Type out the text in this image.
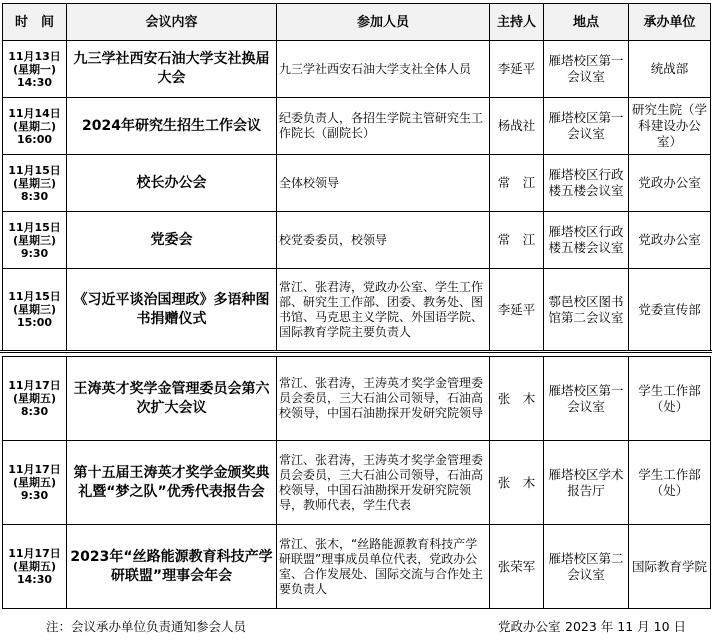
时　间	会议内容	参加人员	主持人	地点	承办单位

11月13日
(星期一)
14:30	九三学社西安石油大学支社换届大会	九三学社西安石油大学支社全体人员	李延平	雁塔校区第一会议室	统战部

11月14日
(星期二)
16:00	2024年研究生招生工作会议	纪委负责人，各招生学院主管研究生工作院长（副院长）	杨战社	雁塔校区第一会议室	研究生院（学科建设办公室）

11月15日
(星期三)
8:30	校长办公会	全体校领导	常　江	雁塔校区行政楼五楼会议室	党政办公室

11月15日
(星期三)
9:30	党委会	校党委委员，校领导	常　江	雁塔校区行政楼五楼会议室	党政办公室

11月15日
(星期三)
15:00	《习近平谈治国理政》多语种图书捐赠仪式	常江、张君涛，党政办公室、学生工作部、研究生工作部、团委、教务处、图书馆、马克思主义学院、外国语学院、国际教育学院主要负责人	李延平	鄠邑校区图书馆第二会议室	党委宣传部
11月17日
(星期五)
8:30	王涛英才奖学金管理委员会第六次扩大会议	常江、张君涛，王涛英才奖学金管理委员会委员，三大石油公司领导，石油高校领导，中国石油勘探开发研究院领导	张　木	雁塔校区第一会议室	学生工作部（处）

11月17日
(星期五)
9:30	第十五届王涛英才奖学金颁奖典礼暨“梦之队”优秀代表报告会	常江、张君涛，王涛英才奖学金管理委员会委员，三大石油公司领导，石油高校领导，中国石油勘探开发研究院领导，教师代表，学生代表	张　木	雁塔校区学术报告厅	学生工作部（处）

11月17日
(星期五)
14:30	2023年“丝路能源教育科技产学研联盟”理事会年会	常江、张木，“丝路能源教育科技产学研联盟”理事成员单位代表，党政办公室、合作发展处、国际交流与合作处主要负责人	张荣军	雁塔校区第二会议室	国际教育学院
注：会议承办单位负责通知参会人员	党政办公室 2023 年 11 月 10 日
